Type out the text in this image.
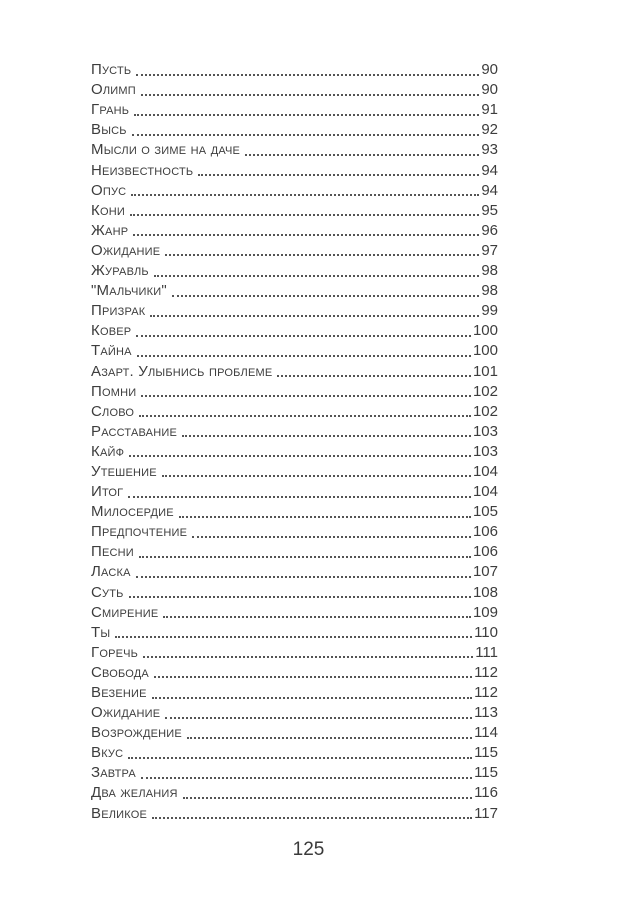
Пусть	90
Олимп	90
Грань	91
Высь	92
Мысли о зиме на даче	93
Неизвестность	94
Опус	94
Кони	95
Жанр	96
Ожидание	97
Журавль	98
"Мальчики"	98
Призрак	99
Ковер	100
Тайна	100
Азарт. Улыбнись проблеме	101
Помни	102
Слово	102
Расставание	103
Кайф	103
Утешение	104
Итог	104
Милосердие	105
Предпочтение	106
Песни	106
Ласка	107
Суть	108
Смирение	109
Ты	110
Горечь	111
Свобода	112
Везение	112
Ожидание	113
Возрождение	114
Вкус	115
Завтра	115
Два желания	116
Великое	117
125
